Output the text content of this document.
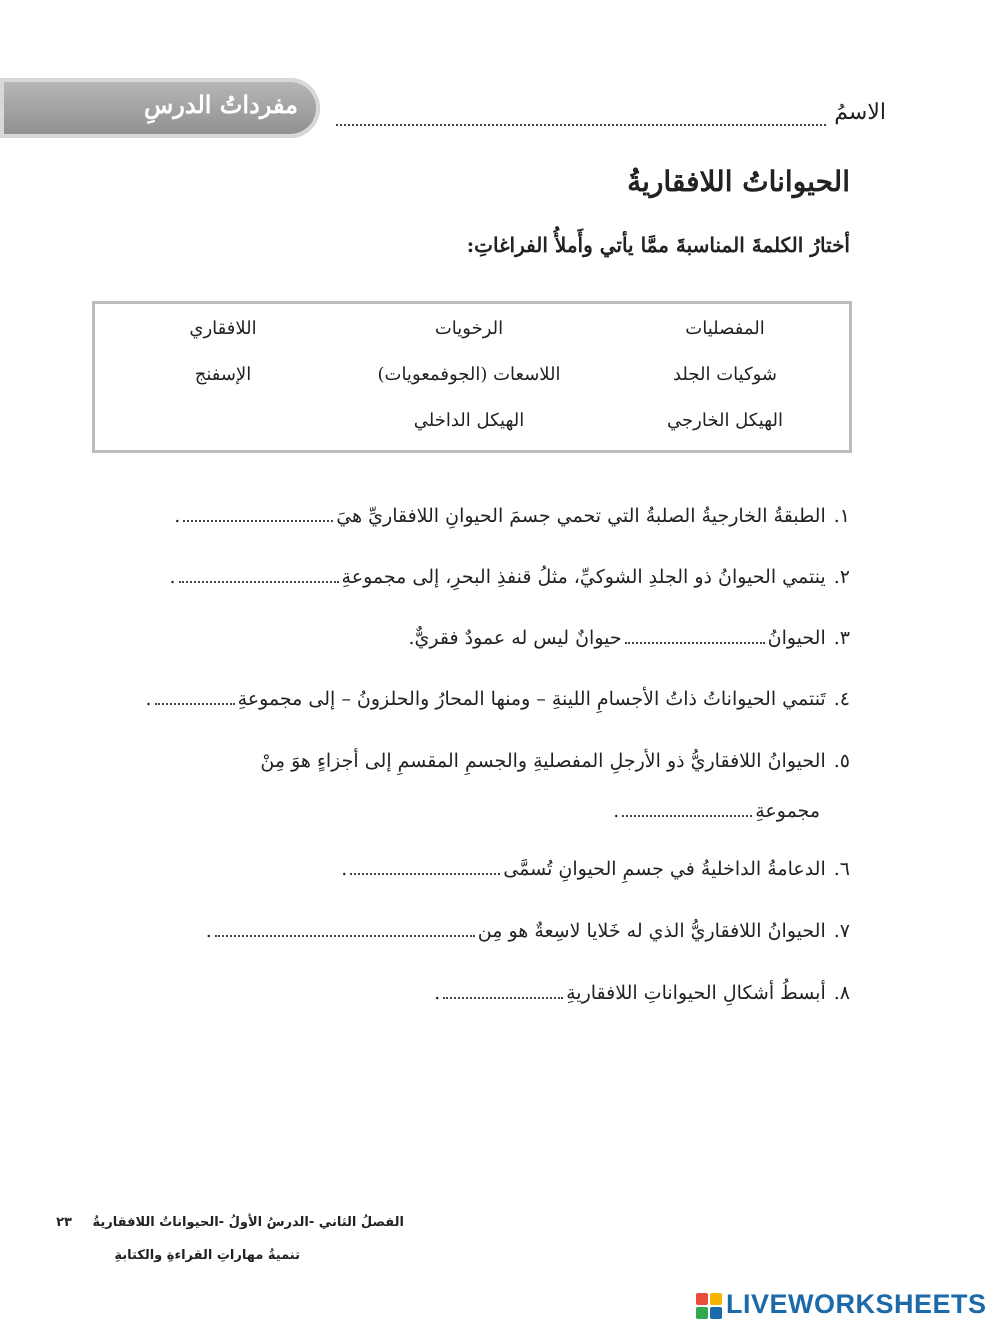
مفرداتُ الدرسِ	الاسمُ
الحيواناتُ اللافقاريةُ
أختارُ الكلمةَ المناسبةَ ممَّا يأتي وأَملأُ الفراغاتِ:
المفصليات
الرخويات
اللافقاري
شوكيات الجلد
اللاسعات (الجوفمعويات)
الإسفنج
الهيكل الخارجي
الهيكل الداخلي
١.الطبقةُ الخارجيةُ الصلبةُ التي تحمي جسمَ الحيوانِ اللافقاريِّ هيَ.
٢.ينتمي الحيوانُ ذو الجلدِ الشوكيِّ، مثلُ قنفذِ البحرِ، إلى مجموعةِ.
٣.الحيوانُحيوانٌ ليس له عمودٌ فقريٌّ.
٤.تَنتمي الحيواناتُ ذاتُ الأجسامِ اللينةِ – ومنها المحارُ والحلزونُ – إلى مجموعةِ.
٥.الحيوانُ اللافقاريُّ ذو الأرجلِ المفصليةِ والجسمِ المقسمِ إلى أجزاءٍ هوَ مِنْ
مجموعةِ.
٦.الدعامةُ الداخليةُ في جسمِ الحيوانِ تُسمَّى.
٧.الحيوانُ اللافقاريُّ الذي له خَلايا لاسِعةٌ هو مِن.
٨.أبسطُ أشكالِ الحيواناتِ اللافقاريةِ.
الفصلُ الثاني -الدرسُ الأولُ -الحيواناتُ اللافقاريةُ ٢٣
تنميةُ مهاراتِ القراءةِ والكتابةِ
LIVEWORKSHEETS
